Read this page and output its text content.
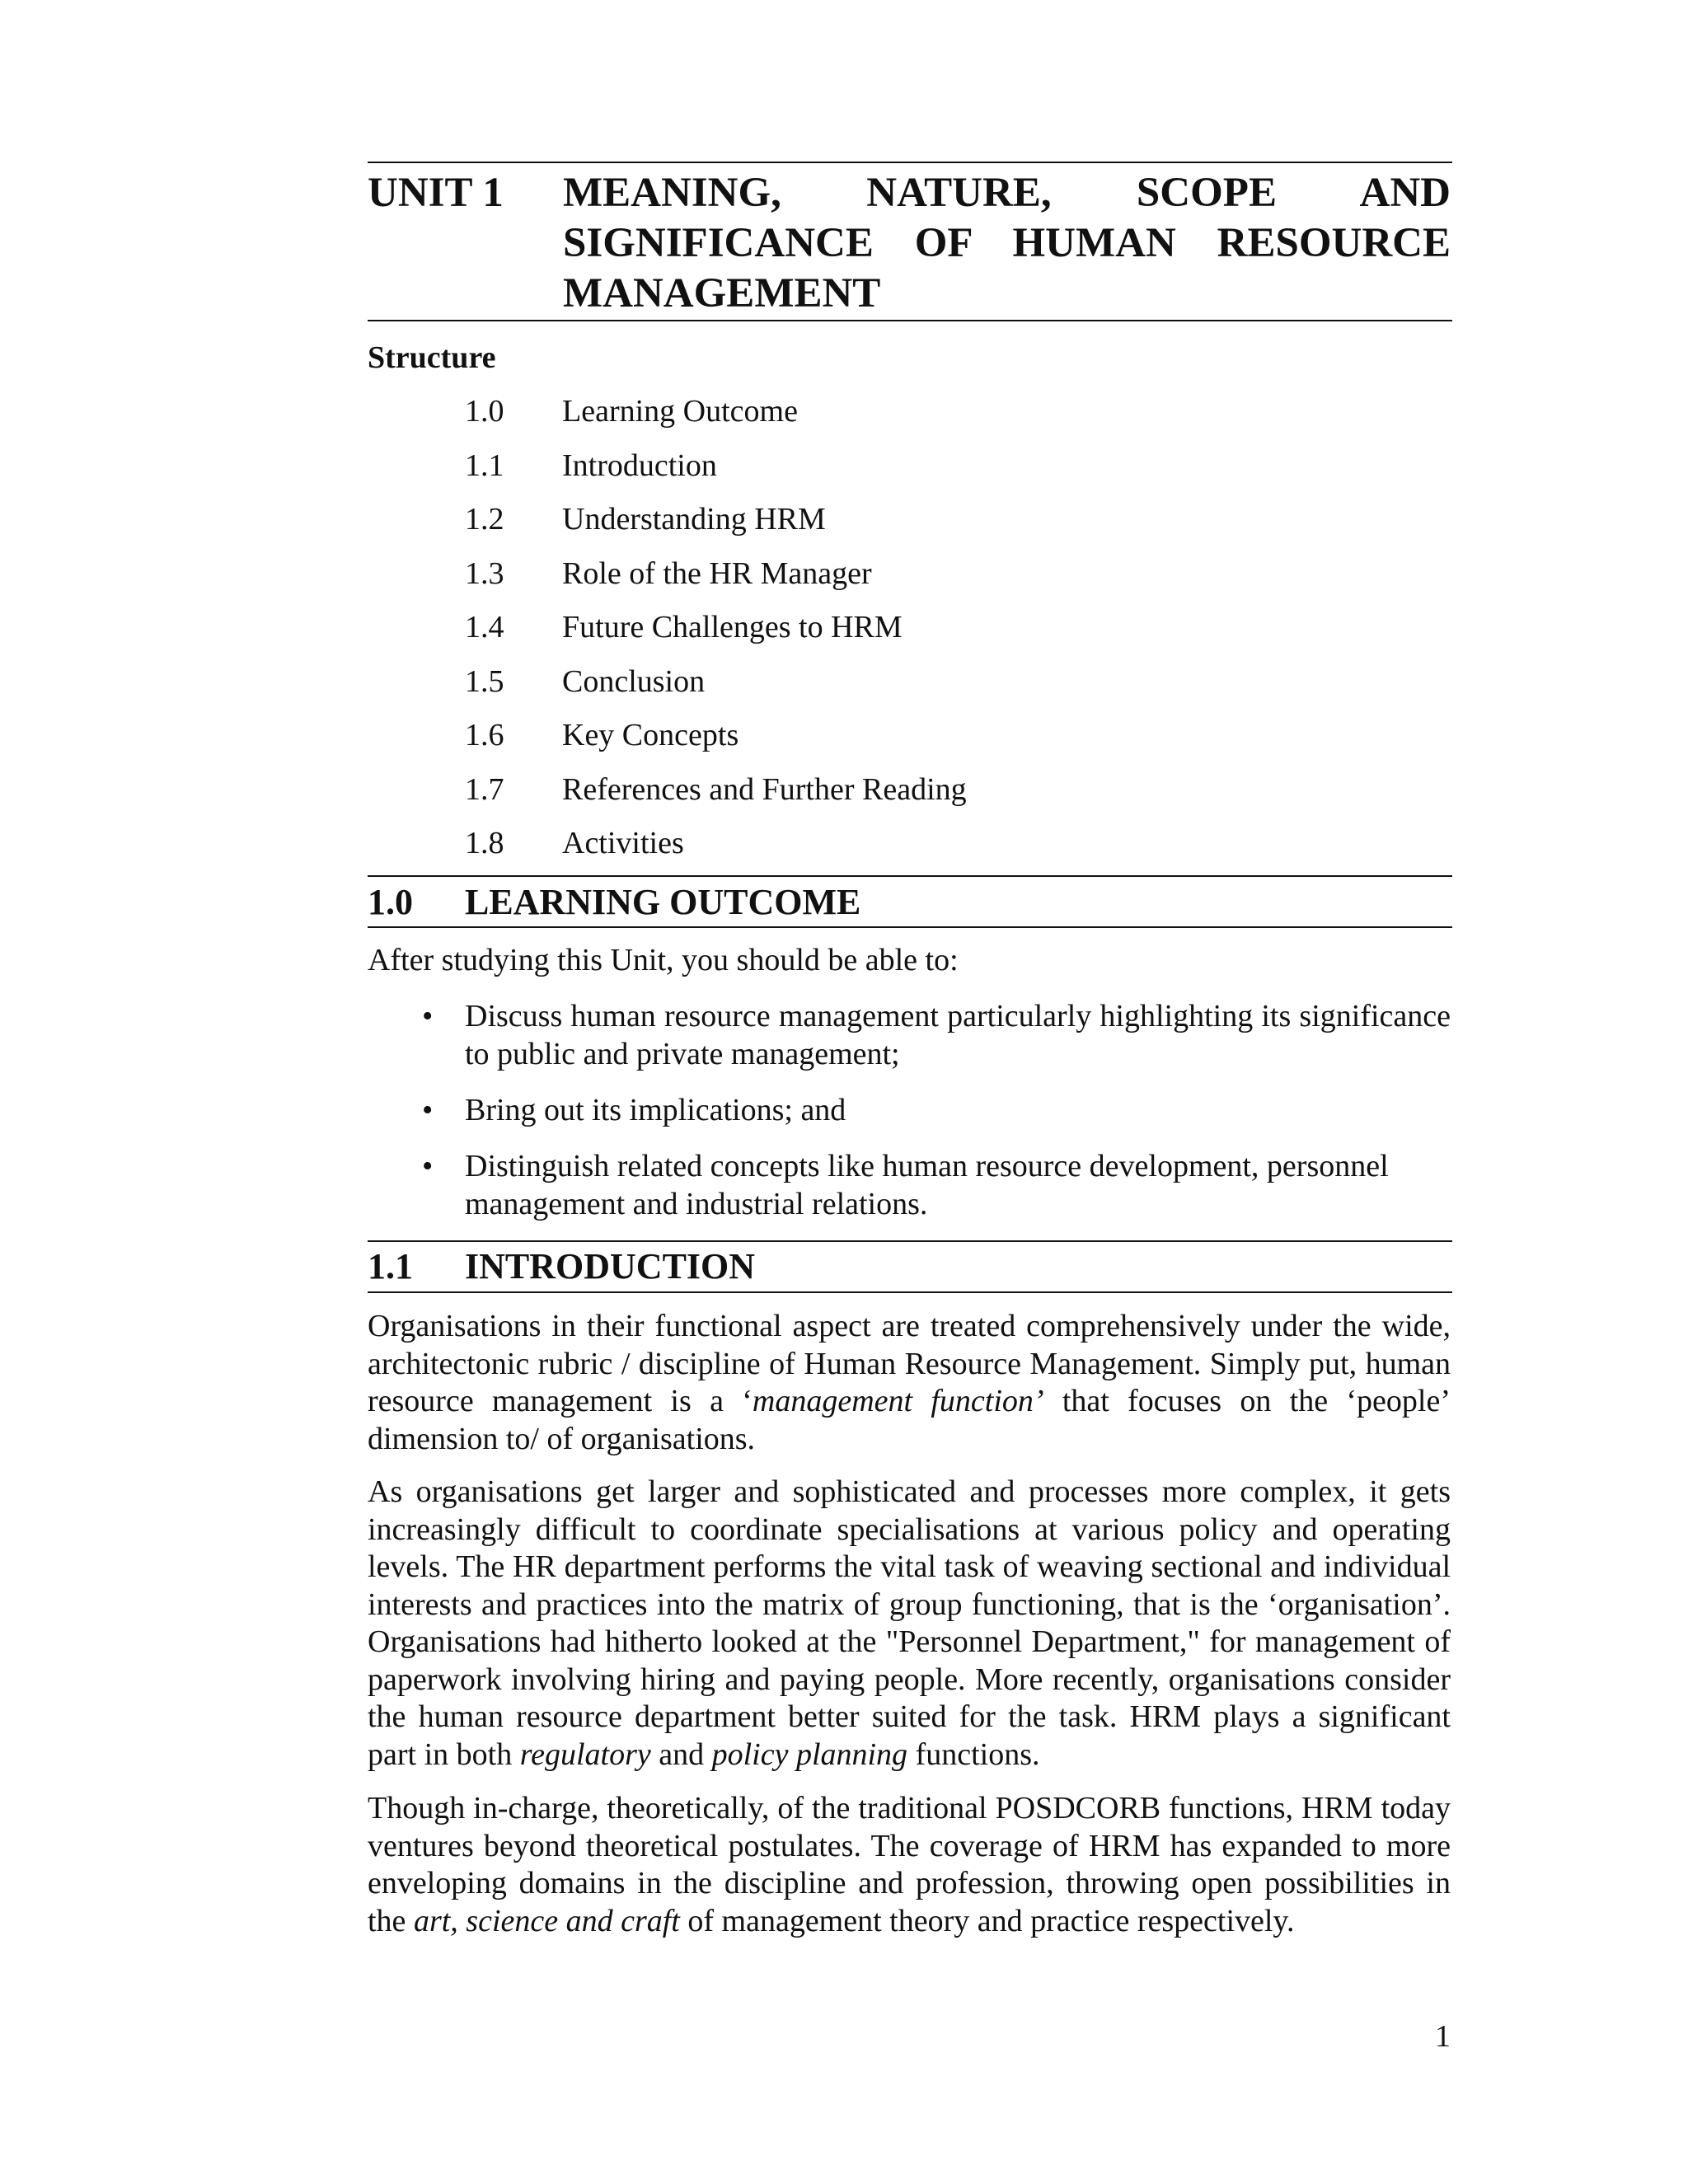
UNIT 1 MEANING, NATURE, SCOPE AND
SIGNIFICANCE OF HUMAN RESOURCE
MANAGEMENT
Structure
1.0 Learning Outcome
1.1 Introduction
1.2 Understanding HRM
1.3 Role of the HR Manager
1.4 Future Challenges to HRM
1.5 Conclusion
1.6 Key Concepts
1.7 References and Further Reading
1.8 Activities
1.0 LEARNING OUTCOME
After studying this Unit, you should be able to:
• Discuss human resource management particularly highlighting its significance to public and private management;
• Bring out its implications; and
• Distinguish related concepts like human resource development, personnel management and industrial relations.
1.1 INTRODUCTION
Organisations in their functional aspect are treated comprehensively under the wide, architectonic rubric / discipline of Human Resource Management. Simply put, human resource management is a ‘management function’ that focuses on the ‘people’ dimension to/ of organisations.
As organisations get larger and sophisticated and processes more complex, it gets increasingly difficult to coordinate specialisations at various policy and operating levels. The HR department performs the vital task of weaving sectional and individual interests and practices into the matrix of group functioning, that is the ‘organisation’. Organisations had hitherto looked at the "Personnel Department," for management of paperwork involving hiring and paying people. More recently, organisations consider the human resource department better suited for the task. HRM plays a significant part in both regulatory and policy planning functions.
Though in-charge, theoretically, of the traditional POSDCORB functions, HRM today ventures beyond theoretical postulates. The coverage of HRM has expanded to more enveloping domains in the discipline and profession, throwing open possibilities in the art, science and craft of management theory and practice respectively.
1
